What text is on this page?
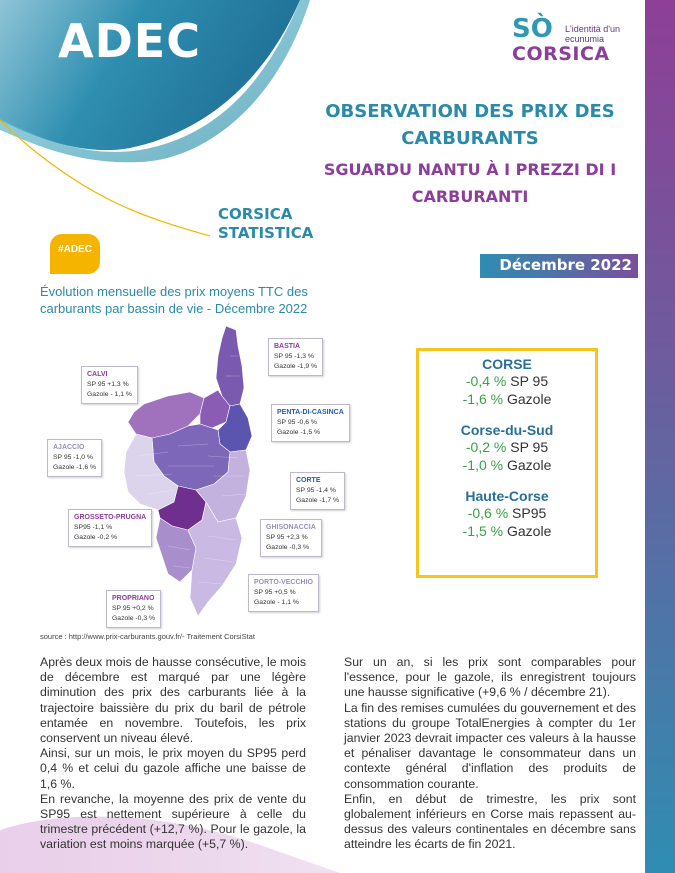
ADEC	SÒ L'identità d'un ecunumia
CORSICA
OBSERVATION DES PRIX DES CARBURANTS
SGUARDU NANTU À I PREZZI DI I CARBURANTI
CORSICA
STATISTICA
#ADEC
Décembre 2022
Évolution mensuelle des prix moyens TTC des carburants par bassin de vie - Décembre 2022
BASTIA
SP 95 -1,3 %
Gazole -1,9 %
CALVI
SP 95 +1,3 %
Gazole - 1,1 %
PENTA-DI-CASINCA
SP 95 -0,6 %
Gazole -1,5 %
AJACCIO
SP 95 -1,0 %
Gazole -1,6 %
CORTE
SP 95 -1,4 %
Gazole -1,7 %
GROSSETO-PRUGNA
SP95 -1,1 %
Gazole -0,2 %
GHISONACCIA
SP 95 +2,3 %
Gazole -0,3 %
PORTO-VECCHIO
SP 95 +0,5 %
Gazole - 1,1 %
PROPRIANO
SP 95 +0,2 %
Gazole -0,3 %
source : http://www.prix-carburants.gouv.fr/- Traitement CorsiStat
CORSE
-0,4 % SP 95
-1,6 % Gazole
Corse-du-Sud
-0,2 % SP 95
-1,0 % Gazole
Haute-Corse
-0,6 % SP95
-1,5 % Gazole

Après deux mois de hausse consécutive, le mois de décembre est marqué par une légère diminution des prix des carburants liée à la trajectoire baissière du prix du baril de pétrole entamée en novembre. Toutefois, les prix conservent un niveau élevé.

Ainsi, sur un mois, le prix moyen du SP95 perd 0,4 % et celui du gazole affiche une baisse de 1,6 %.

En revanche, la moyenne des prix de vente du SP95 est nettement supérieure à celle du trimestre précédent (+12,7 %). Pour le gazole, la variation est moins marquée (+5,7 %).

Sur un an, si les prix sont comparables pour l'essence, pour le gazole, ils enregistrent toujours une hausse significative (+9,6 % / décembre 21).

La fin des remises cumulées du gouvernement et des stations du groupe TotalEnergies à compter du 1er janvier 2023 devrait impacter ces valeurs à la hausse et pénaliser davantage le consommateur dans un contexte général d'inflation des produits de consommation courante.

Enfin, en début de trimestre, les prix sont globalement inférieurs en Corse mais repassent au-dessus des valeurs continentales en décembre sans atteindre les écarts de fin 2021.
